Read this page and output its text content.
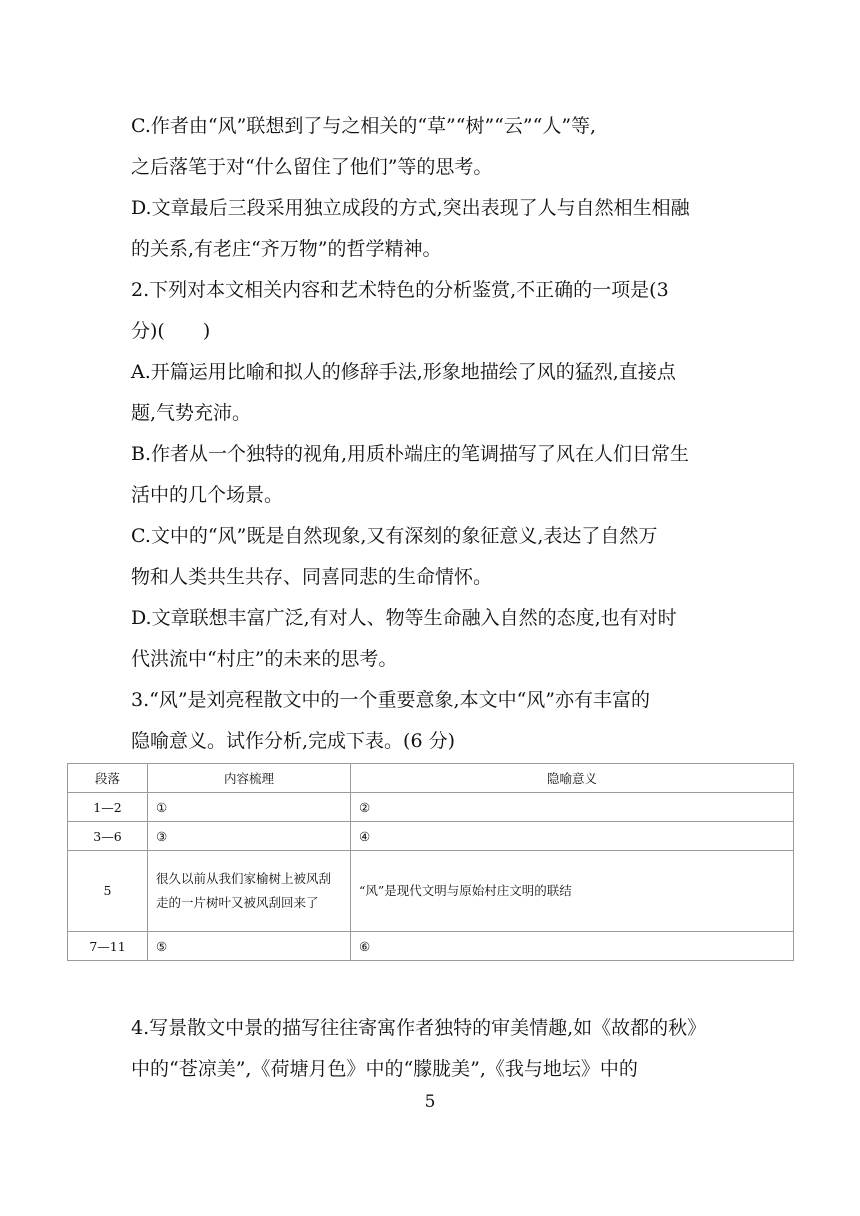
C.作者由“风”联想到了与之相关的“草”“树”“云”“人”等,
之后落笔于对“什么留住了他们”等的思考。
D.文章最后三段采用独立成段的方式,突出表现了人与自然相生相融
的关系,有老庄“齐万物”的哲学精神。
2.下列对本文相关内容和艺术特色的分析鉴赏,不正确的一项是(3
分)(　　)
A.开篇运用比喻和拟人的修辞手法,形象地描绘了风的猛烈,直接点
题,气势充沛。
B.作者从一个独特的视角,用质朴端庄的笔调描写了风在人们日常生
活中的几个场景。
C.文中的“风”既是自然现象,又有深刻的象征意义,表达了自然万
物和人类共生共存、同喜同悲的生命情怀。
D.文章联想丰富广泛,有对人、物等生命融入自然的态度,也有对时
代洪流中“村庄”的未来的思考。
3.“风”是刘亮程散文中的一个重要意象,本文中“风”亦有丰富的
隐喻意义。试作分析,完成下表。(6 分)
段落	内容梳理	隐喻意义
1—2	①	②
3—6	③	④
5	很久以前从我们家榆树上被风刮走的一片树叶又被风刮回来了	“风”是现代文明与原始村庄文明的联结
7—11	⑤	⑥
4.写景散文中景的描写往往寄寓作者独特的审美情趣,如《故都的秋》
中的“苍凉美”,《荷塘月色》中的“朦胧美”,《我与地坛》中的
5
